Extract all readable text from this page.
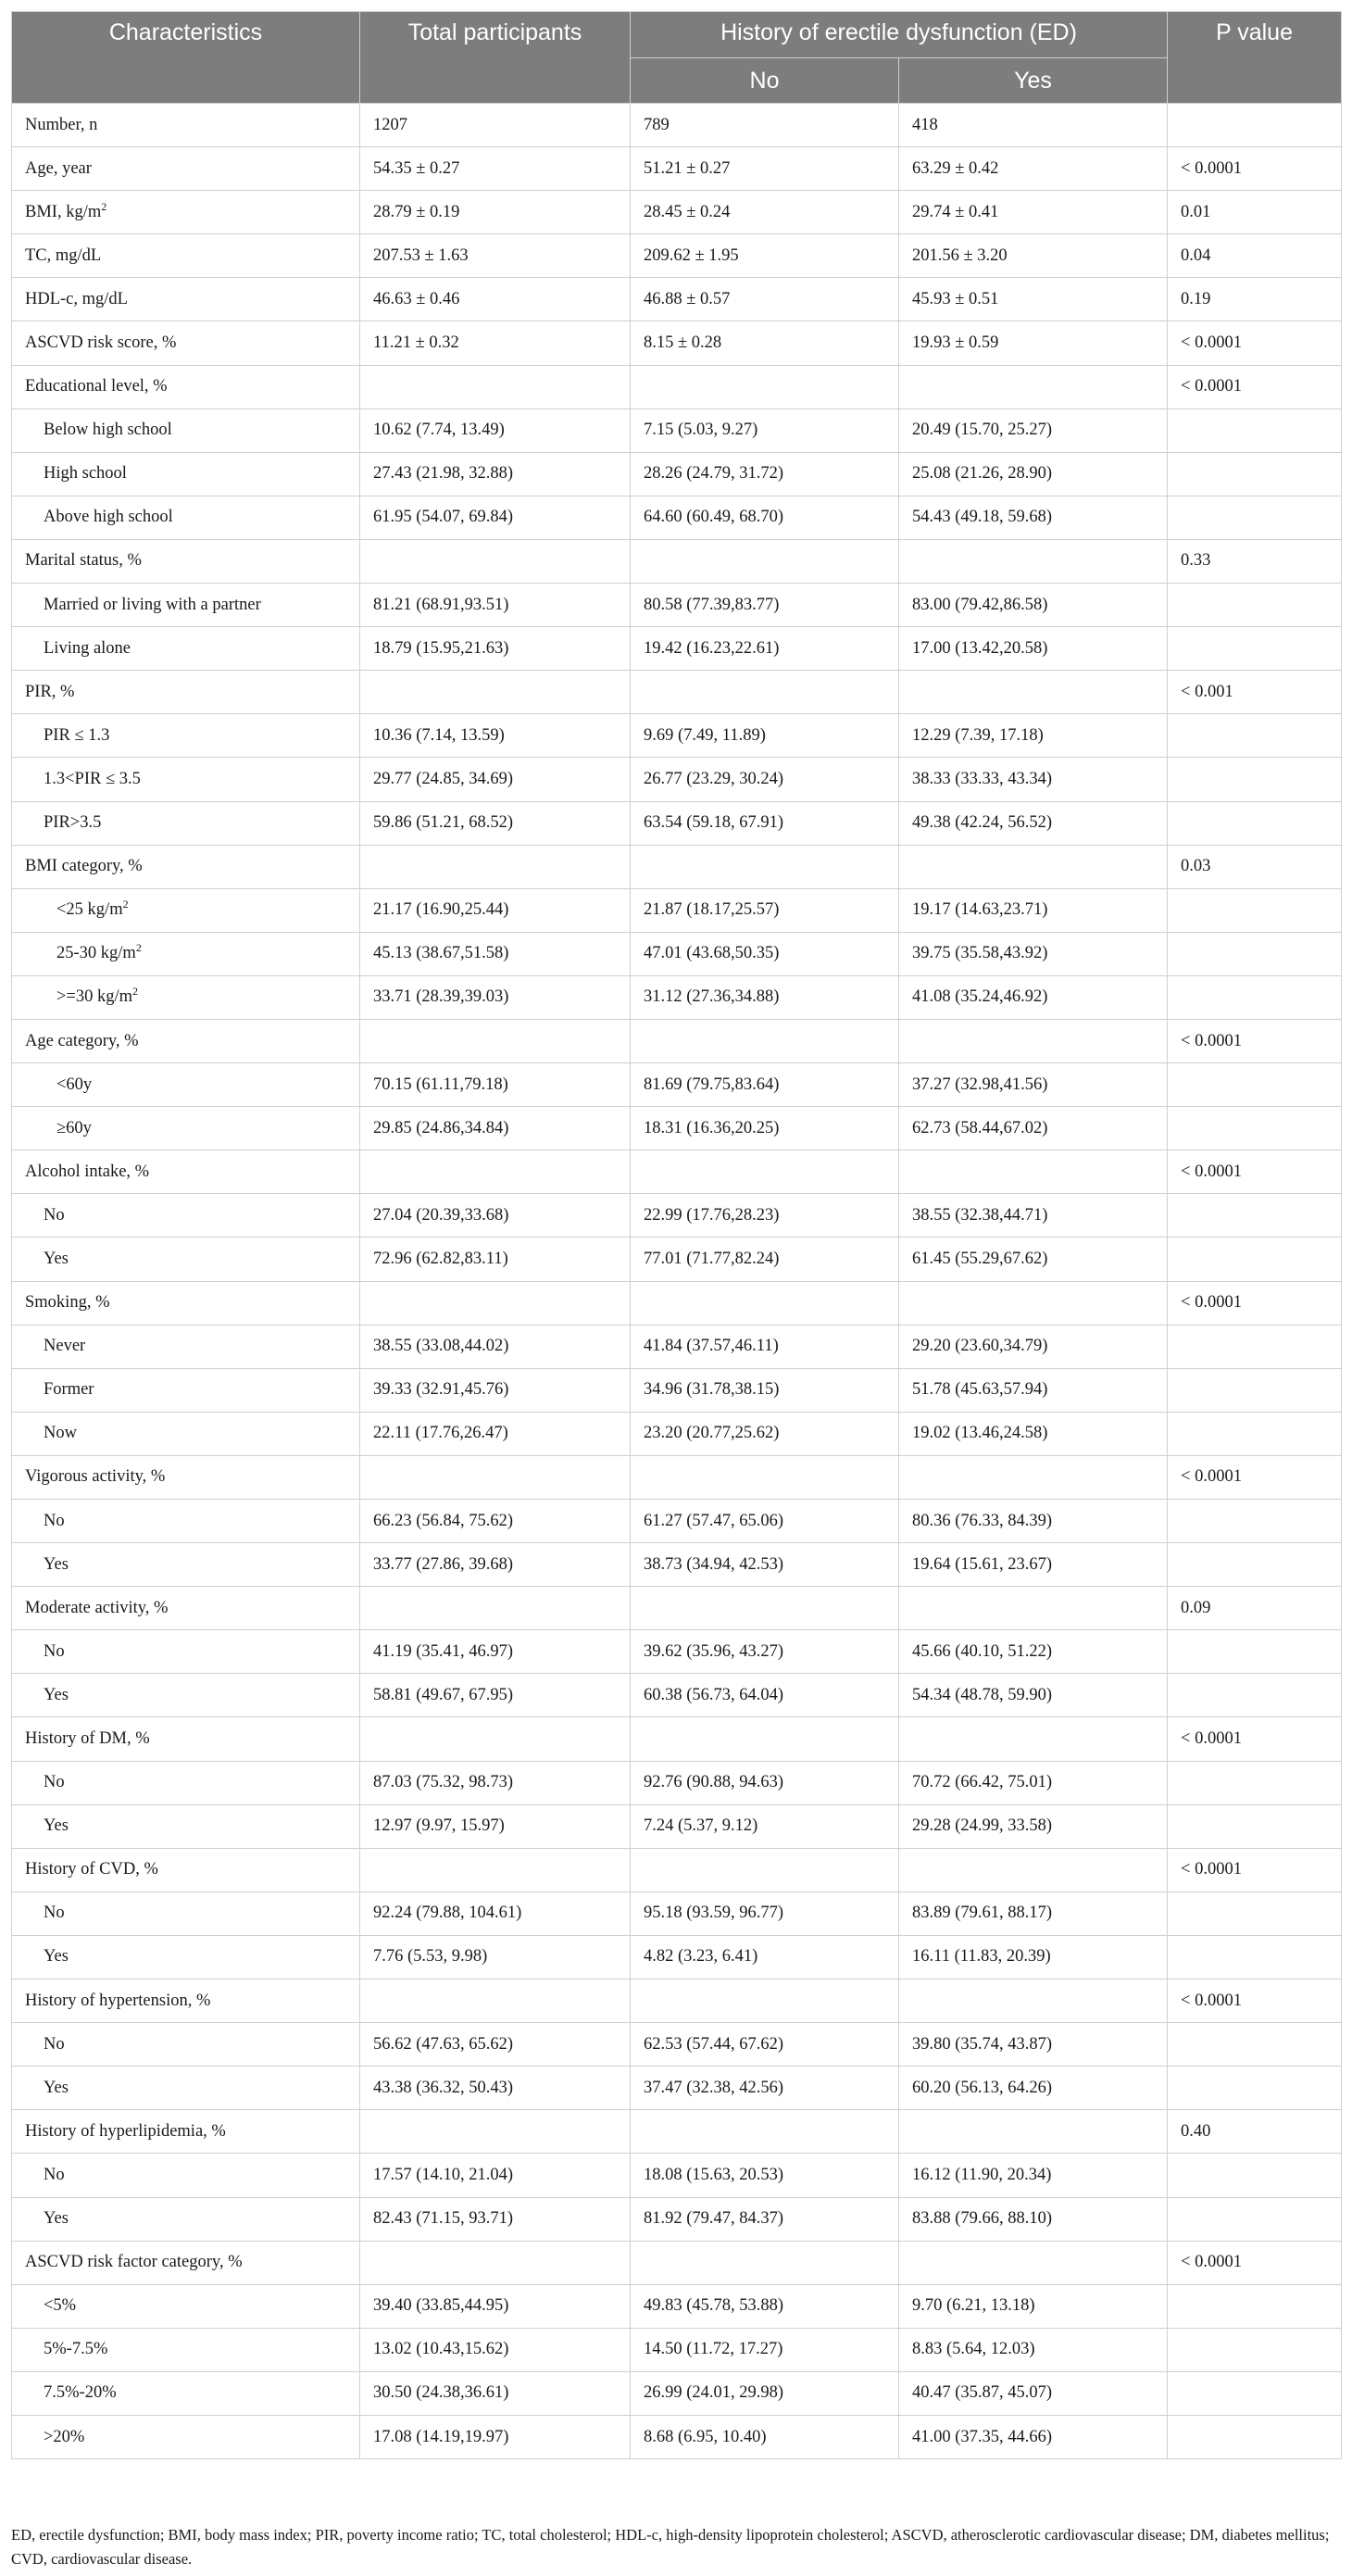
Characteristics	Total participants	History of erectile dysfunction (ED)		P value
		No	Yes	
Number, n	1207	789	418	
Age, year	54.35 ± 0.27	51.21 ± 0.27	63.29 ± 0.42	< 0.0001
BMI, $kg/m^2$	28.79 ± 0.19	28.45 ± 0.24	29.74 ± 0.41	0.01
TC, mg/dL	207.53 ± 1.63	209.62 ± 1.95	201.56 ± 3.20	0.04
HDL-c, mg/dL	46.63 ± 0.46	46.88 ± 0.57	45.93 ± 0.51	0.19
ASCVD risk score, %	11.21 ± 0.32	8.15 ± 0.28	19.93 ± 0.59	< 0.0001
Educational level, %				< 0.0001
Below high school	10.62 (7.74, 13.49)	7.15 (5.03, 9.27)	20.49 (15.70, 25.27)	
High school	27.43 (21.98, 32.88)	28.26 (24.79, 31.72)	25.08 (21.26, 28.90)	
Above high school	61.95 (54.07, 69.84)	64.60 (60.49, 68.70)	54.43 (49.18, 59.68)	
Marital status, %				0.33
Married or living with a partner	81.21 (68.91,93.51)	80.58 (77.39,83.77)	83.00 (79.42,86.58)	
Living alone	18.79 (15.95,21.63)	19.42 (16.23,22.61)	17.00 (13.42,20.58)	
PIR, %				< 0.001
PIR ≤ 1.3	10.36 (7.14, 13.59)	9.69 (7.49, 11.89)	12.29 (7.39, 17.18)	
1.3<PIR ≤ 3.5	29.77 (24.85, 34.69)	26.77 (23.29, 30.24)	38.33 (33.33, 43.34)	
PIR>3.5	59.86 (51.21, 68.52)	63.54 (59.18, 67.91)	49.38 (42.24, 56.52)	
BMI category, %				0.03
<25 $kg/m^2$	21.17 (16.90,25.44)	21.87 (18.17,25.57)	19.17 (14.63,23.71)	
25-30 $kg/m^2$	45.13 (38.67,51.58)	47.01 (43.68,50.35)	39.75 (35.58,43.92)	
>=30 $kg/m^2$	33.71 (28.39,39.03)	31.12 (27.36,34.88)	41.08 (35.24,46.92)	
Age category, %				< 0.0001
<60y	70.15 (61.11,79.18)	81.69 (79.75,83.64)	37.27 (32.98,41.56)	
≥60y	29.85 (24.86,34.84)	18.31 (16.36,20.25)	62.73 (58.44,67.02)	
Alcohol intake, %				< 0.0001
No	27.04 (20.39,33.68)	22.99 (17.76,28.23)	38.55 (32.38,44.71)	
Yes	72.96 (62.82,83.11)	77.01 (71.77,82.24)	61.45 (55.29,67.62)	
Smoking, %				< 0.0001
Never	38.55 (33.08,44.02)	41.84 (37.57,46.11)	29.20 (23.60,34.79)	
Former	39.33 (32.91,45.76)	34.96 (31.78,38.15)	51.78 (45.63,57.94)	
Now	22.11 (17.76,26.47)	23.20 (20.77,25.62)	19.02 (13.46,24.58)	
Vigorous activity, %				< 0.0001
No	66.23 (56.84, 75.62)	61.27 (57.47, 65.06)	80.36 (76.33, 84.39)	
Yes	33.77 (27.86, 39.68)	38.73 (34.94, 42.53)	19.64 (15.61, 23.67)	
Moderate activity, %				0.09
No	41.19 (35.41, 46.97)	39.62 (35.96, 43.27)	45.66 (40.10, 51.22)	
Yes	58.81 (49.67, 67.95)	60.38 (56.73, 64.04)	54.34 (48.78, 59.90)	
History of DM, %				< 0.0001
No	87.03 (75.32, 98.73)	92.76 (90.88, 94.63)	70.72 (66.42, 75.01)	
Yes	12.97 (9.97, 15.97)	7.24 (5.37, 9.12)	29.28 (24.99, 33.58)	
History of CVD, %				< 0.0001
No	92.24 (79.88, 104.61)	95.18 (93.59, 96.77)	83.89 (79.61, 88.17)	
Yes	7.76 (5.53, 9.98)	4.82 (3.23, 6.41)	16.11 (11.83, 20.39)	
History of hypertension, %				< 0.0001
No	56.62 (47.63, 65.62)	62.53 (57.44, 67.62)	39.80 (35.74, 43.87)	
Yes	43.38 (36.32, 50.43)	37.47 (32.38, 42.56)	60.20 (56.13, 64.26)	
History of hyperlipidemia, %				0.40
No	17.57 (14.10, 21.04)	18.08 (15.63, 20.53)	16.12 (11.90, 20.34)	
Yes	82.43 (71.15, 93.71)	81.92 (79.47, 84.37)	83.88 (79.66, 88.10)	
ASCVD risk factor category, %				< 0.0001
<5%	39.40 (33.85,44.95)	49.83 (45.78, 53.88)	9.70 (6.21, 13.18)	
5%-7.5%	13.02 (10.43,15.62)	14.50 (11.72, 17.27)	8.83 (5.64, 12.03)	
7.5%-20%	30.50 (24.38,36.61)	26.99 (24.01, 29.98)	40.47 (35.87, 45.07)	
>20%	17.08 (14.19,19.97)	8.68 (6.95, 10.40)	41.00 (37.35, 44.66)	
ED, erectile dysfunction; BMI, body mass index; PIR, poverty income ratio; TC, total cholesterol; HDL-c, high-density lipoprotein cholesterol; ASCVD, atherosclerotic cardiovascular disease; DM, diabetes mellitus; CVD, cardiovascular disease.
